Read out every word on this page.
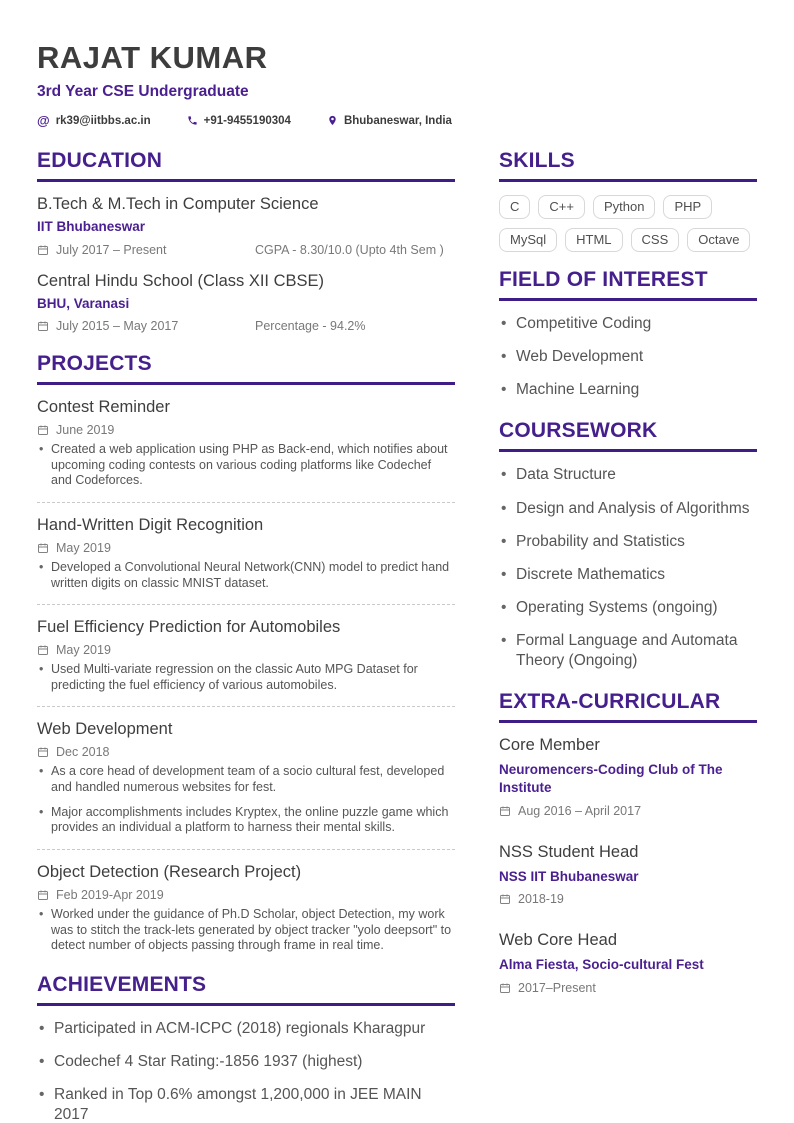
RAJAT KUMAR
3rd Year CSE Undergraduate
@ rk39@iitbbs.ac.in	+91-9455190304	Bhubaneswar, India
EDUCATION
B.Tech & M.Tech in Computer Science
IIT Bhubaneswar
July 2017 – Present	CGPA - 8.30/10.0 (Upto 4th Sem )
Central Hindu School (Class XII CBSE)
BHU, Varanasi
July 2015 – May 2017	Percentage - 94.2%
PROJECTS
Contest Reminder
June 2019
• Created a web application using PHP as Back-end, which notifies about upcoming coding contests on various coding platforms like Codechef and Codeforces.
Hand-Written Digit Recognition
May 2019
• Developed a Convolutional Neural Network(CNN) model to predict hand written digits on classic MNIST dataset.
Fuel Efficiency Prediction for Automobiles
May 2019
• Used Multi-variate regression on the classic Auto MPG Dataset for predicting the fuel efficiency of various automobiles.
Web Development
Dec 2018
• As a core head of development team of a socio cultural fest, developed and handled numerous websites for fest.
• Major accomplishments includes Kryptex, the online puzzle game which provides an individual a platform to harness their mental skills.
Object Detection (Research Project)
Feb 2019-Apr 2019
• Worked under the guidance of Ph.D Scholar, object Detection, my work was to stitch the track-lets generated by object tracker "yolo deepsort" to detect number of objects passing through frame in real time.
ACHIEVEMENTS
• Participated in ACM-ICPC (2018) regionals Kharagpur
• Codechef 4 Star Rating:-1856 1937 (highest)
• Ranked in Top 0.6% amongst 1,200,000 in JEE MAIN 2017
SKILLS
C	C++	Python	PHP
MySql	HTML	CSS	Octave
FIELD OF INTEREST
• Competitive Coding
• Web Development
• Machine Learning
COURSEWORK
• Data Structure
• Design and Analysis of Algorithms
• Probability and Statistics
• Discrete Mathematics
• Operating Systems (ongoing)
• Formal Language and Automata Theory (Ongoing)
EXTRA-CURRICULAR
Core Member
Neuromencers-Coding Club of The Institute
Aug 2016 – April 2017
NSS Student Head
NSS IIT Bhubaneswar
2018-19
Web Core Head
Alma Fiesta, Socio-cultural Fest
2017–Present
